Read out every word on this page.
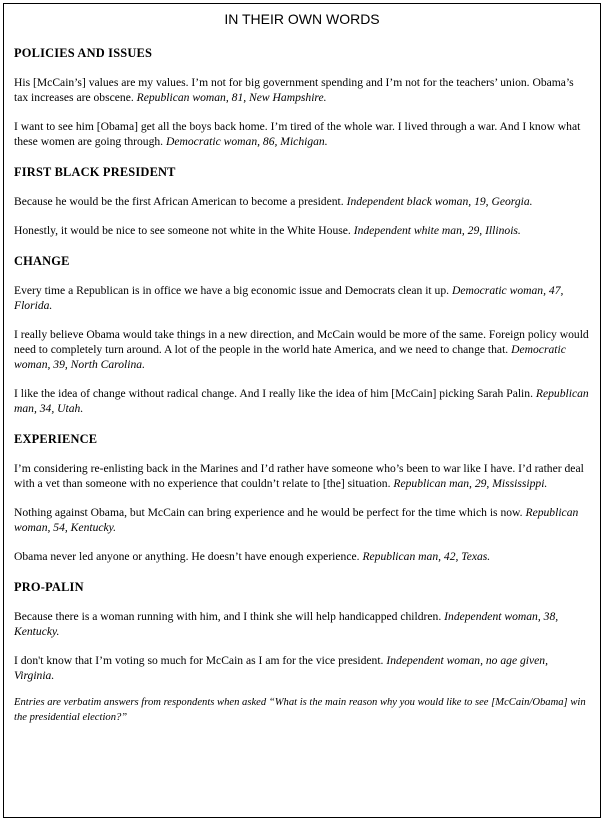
IN THEIR OWN WORDS
POLICIES AND ISSUES

His [McCain’s] values are my values. I’m not for big government spending and I’m not for the teachers’ union. Obama’s tax increases are obscene. Republican woman, 81, New Hampshire.

I want to see him [Obama] get all the boys back home. I’m tired of the whole war. I lived through a war. And I know what these women are going through. Democratic woman, 86, Michigan.

FIRST BLACK PRESIDENT

Because he would be the first African American to become a president. Independent black woman, 19, Georgia.

Honestly, it would be nice to see someone not white in the White House. Independent white man, 29, Illinois.

CHANGE

Every time a Republican is in office we have a big economic issue and Democrats clean it up. Democratic woman, 47, Florida.

I really believe Obama would take things in a new direction, and McCain would be more of the same. Foreign policy would need to completely turn around. A lot of the people in the world hate America, and we need to change that. Democratic woman, 39, North Carolina.

I like the idea of change without radical change. And I really like the idea of him [McCain] picking Sarah Palin. Republican man, 34, Utah.

EXPERIENCE

I’m considering re-enlisting back in the Marines and I’d rather have someone who’s been to war like I have. I’d rather deal with a vet than someone with no experience that couldn’t relate to [the] situation. Republican man, 29, Mississippi.

Nothing against Obama, but McCain can bring experience and he would be perfect for the time which is now. Republican woman, 54, Kentucky.

Obama never led anyone or anything. He doesn’t have enough experience. Republican man, 42, Texas.

PRO-PALIN

Because there is a woman running with him, and I think she will help handicapped children. Independent woman, 38, Kentucky.

I don't know that I’m voting so much for McCain as I am for the vice president. Independent woman, no age given, Virginia.

Entries are verbatim answers from respondents when asked “What is the main reason why you would like to see [McCain/Obama] win the presidential election?”
